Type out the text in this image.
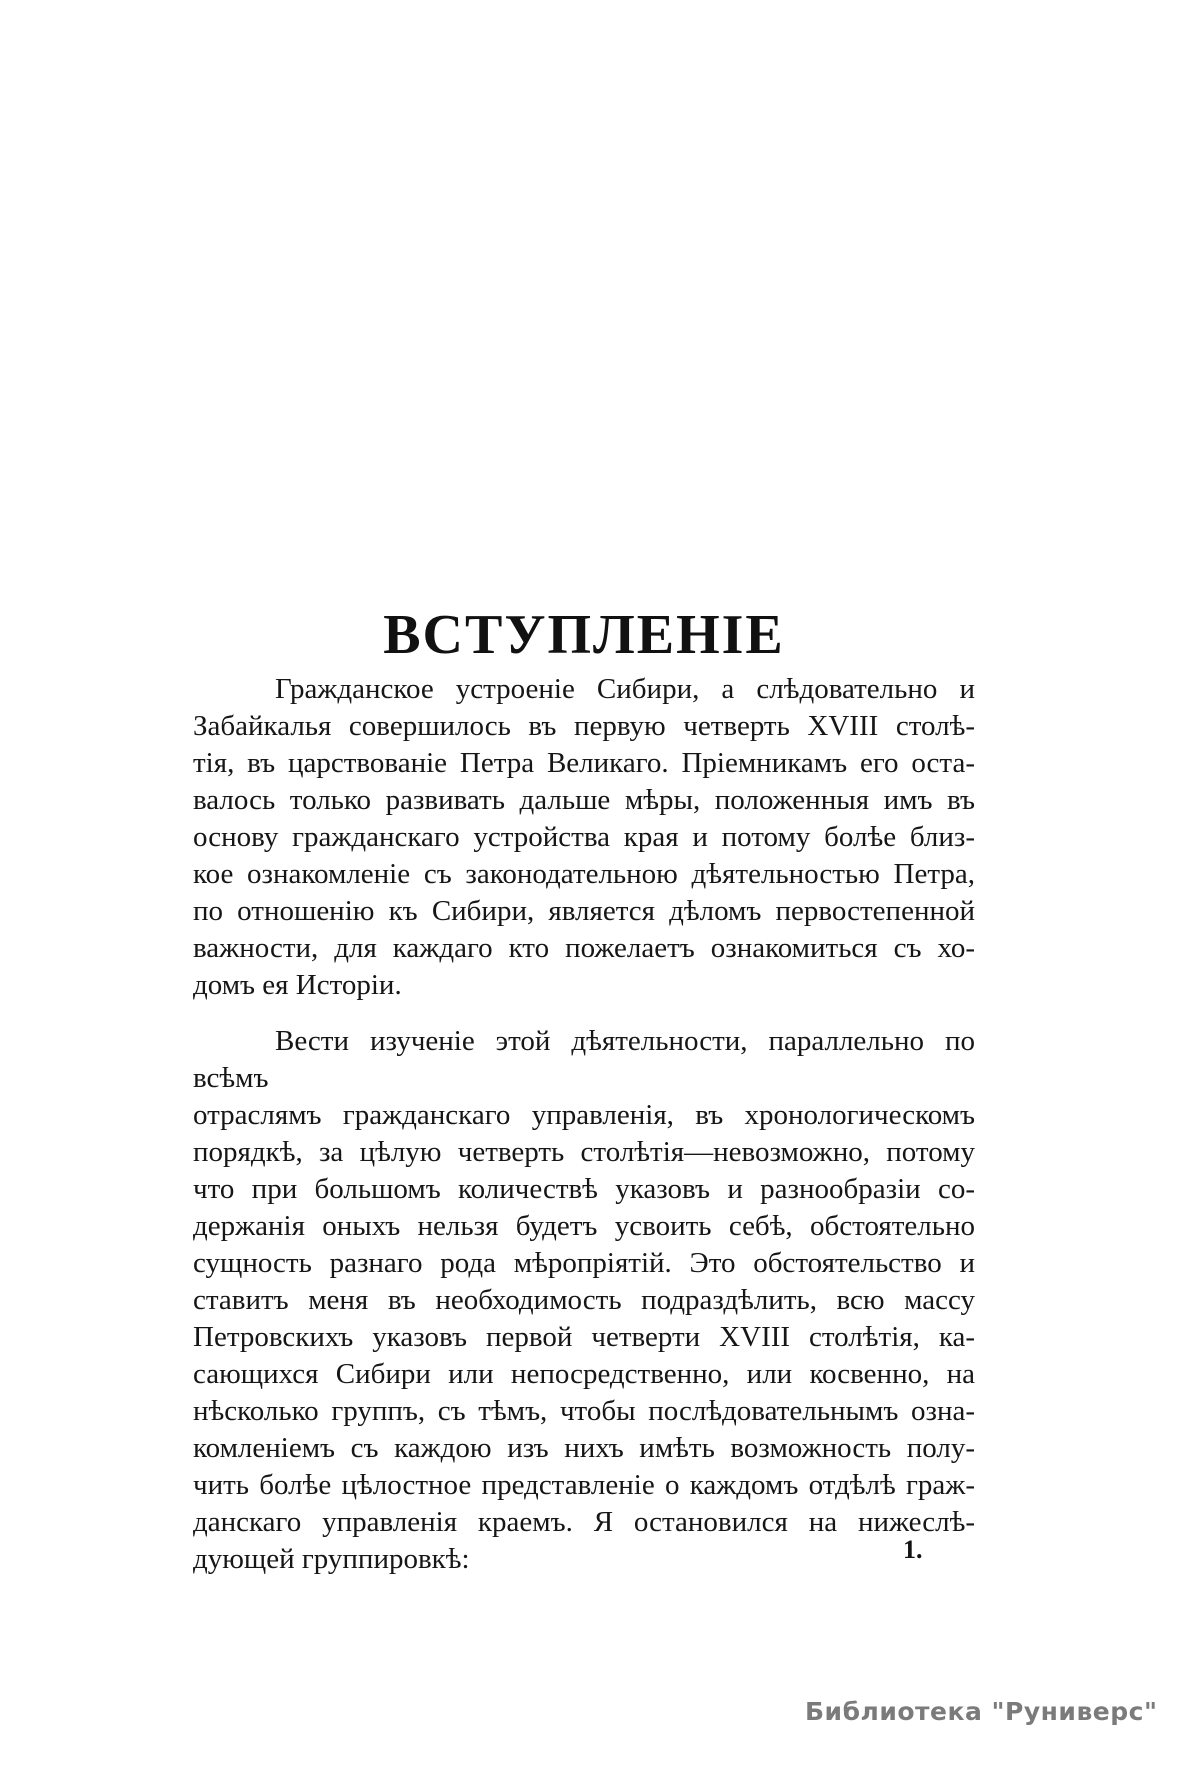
ВСТУПЛЕНІЕ
Гражданское устроеніе Сибири, а слѣдовательно и
Забайкалья совершилось въ первую четверть XVIII столѣ-
тія, въ царствованіе Петра Великаго. Пріемникамъ его оста-
валось только развивать дальше мѣры, положенныя имъ въ
основу гражданскаго устройства края и потому болѣе близ-
кое ознакомленіе съ законодательною дѣятельностью Петра,
по отношенію къ Сибири, является дѣломъ первостепенной
важности, для каждаго кто пожелаетъ ознакомиться съ хо-
домъ ея Исторіи.
Вести изученіе этой дѣятельности, параллельно по всѣмъ
отраслямъ гражданскаго управленія, въ хронологическомъ
порядкѣ, за цѣлую четверть столѣтія—невозможно, потому
что при большомъ количествѣ указовъ и разнообразіи со-
держанія оныхъ нельзя будетъ усвоить себѣ, обстоятельно
сущность разнаго рода мѣропріятій. Это обстоятельство и
ставитъ меня въ необходимость подраздѣлить, всю массу
Петровскихъ указовъ первой четверти XVIII столѣтія, ка-
сающихся Сибири или непосредственно, или косвенно, на
нѣсколько группъ, съ тѣмъ, чтобы послѣдовательнымъ озна-
комленіемъ съ каждою изъ нихъ имѣть возможность полу-
чить болѣе цѣлостное представленіе о каждомъ отдѣлѣ граж-
данскаго управленія краемъ. Я остановился на нижеслѣ-
дующей группировкѣ:	1.
Библиотека "Руниверс"
